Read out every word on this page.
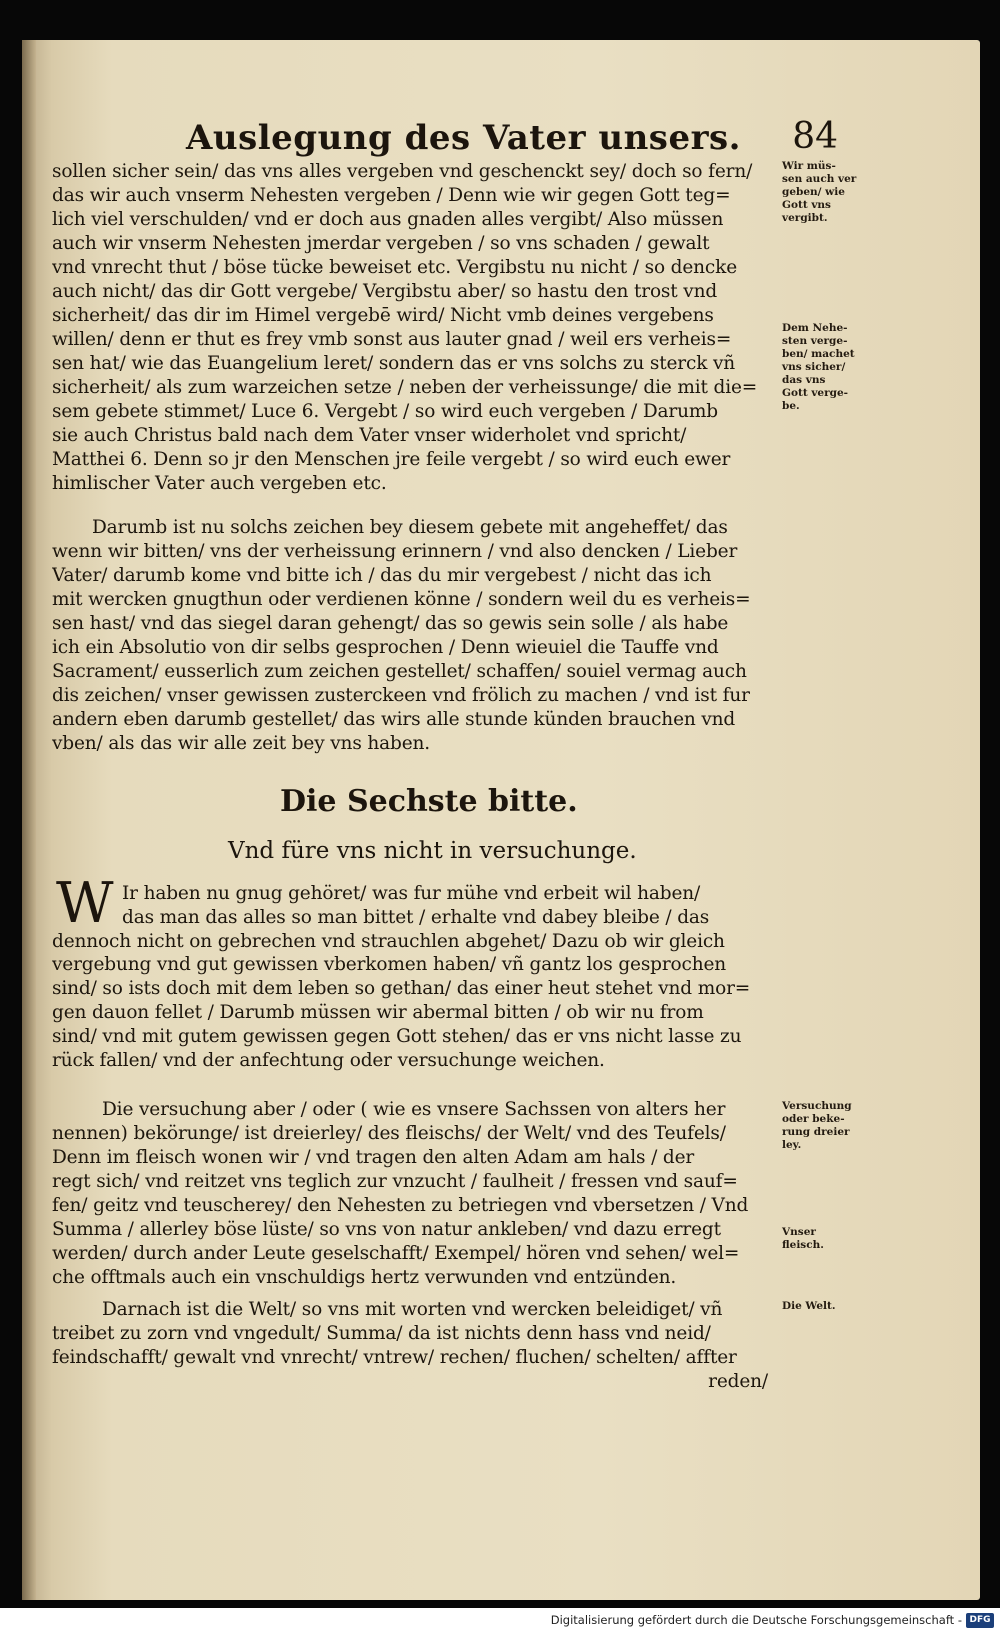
Auslegung des Vater unsers. 84
sollen sicher sein/ das vns alles vergeben vnd geschenckt sey/ doch so fern/
das wir auch vnserm Nehesten vergeben / Denn wie wir gegen Gott teg=
lich viel verschulden/ vnd er doch aus gnaden alles vergibt/ Also müssen
auch wir vnserm Nehesten jmerdar vergeben / so vns schaden / gewalt
vnd vnrecht thut / böse tücke beweiset etc. Vergibstu nu nicht / so dencke
auch nicht/ das dir Gott vergebe/ Vergibstu aber/ so hastu den trost vnd
sicherheit/ das dir im Himel vergebē wird/ Nicht vmb deines vergebens
willen/ denn er thut es frey vmb sonst aus lauter gnad / weil ers verheis=
sen hat/ wie das Euangelium leret/ sondern das er vns solchs zu sterck vñ
sicherheit/ als zum warzeichen setze / neben der verheissunge/ die mit die=
sem gebete stimmet/ Luce 6. Vergebt / so wird euch vergeben / Darumb
sie auch Christus bald nach dem Vater vnser widerholet vnd spricht/
Matthei 6. Denn so jr den Menschen jre feile vergebt / so wird euch ewer
himlischer Vater auch vergeben etc.
Darumb ist nu solchs zeichen bey diesem gebete mit angeheffet/ das
wenn wir bitten/ vns der verheissung erinnern / vnd also dencken / Lieber
Vater/ darumb kome vnd bitte ich / das du mir vergebest / nicht das ich
mit wercken gnugthun oder verdienen könne / sondern weil du es verheis=
sen hast/ vnd das siegel daran gehengt/ das so gewis sein solle / als habe
ich ein Absolutio von dir selbs gesprochen / Denn wieuiel die Tauffe vnd
Sacrament/ eusserlich zum zeichen gestellet/ schaffen/ souiel vermag auch
dis zeichen/ vnser gewissen zusterckeen vnd frölich zu machen / vnd ist fur
andern eben darumb gestellet/ das wirs alle stunde künden brauchen vnd
vben/ als das wir alle zeit bey vns haben.
Die Sechste bitte.
Vnd füre vns nicht in versuchunge.
W Ir haben nu gnug gehöret/ was fur mühe vnd erbeit wil haben/
das man das alles so man bittet / erhalte vnd dabey bleibe / das
dennoch nicht on gebrechen vnd strauchlen abgehet/ Dazu ob wir gleich
vergebung vnd gut gewissen vberkomen haben/ vñ gantz los gesprochen
sind/ so ists doch mit dem leben so gethan/ das einer heut stehet vnd mor=
gen dauon fellet / Darumb müssen wir abermal bitten / ob wir nu from
sind/ vnd mit gutem gewissen gegen Gott stehen/ das er vns nicht lasse zu
rück fallen/ vnd der anfechtung oder versuchunge weichen.
Die versuchung aber / oder ( wie es vnsere Sachssen von alters her
nennen) bekörunge/ ist dreierley/ des fleischs/ der Welt/ vnd des Teufels/
Denn im fleisch wonen wir / vnd tragen den alten Adam am hals / der
regt sich/ vnd reitzet vns teglich zur vnzucht / faulheit / fressen vnd sauf=
fen/ geitz vnd teuscherey/ den Nehesten zu betriegen vnd vbersetzen / Vnd
Summa / allerley böse lüste/ so vns von natur ankleben/ vnd dazu erregt
werden/ durch ander Leute geselschafft/ Exempel/ hören vnd sehen/ wel=
che offtmals auch ein vnschuldigs hertz verwunden vnd entzünden.
Darnach ist die Welt/ so vns mit worten vnd wercken beleidiget/ vñ
treibet zu zorn vnd vngedult/ Summa/ da ist nichts denn hass vnd neid/
feindschafft/ gewalt vnd vnrecht/ vntrew/ rechen/ fluchen/ schelten/ affter
reden/
Wir müs-
sen auch ver
geben/ wie
Gott vns
vergibt.
Dem Nehe-
sten verge-
ben/ machet
vns sicher/
das vns
Gott verge-
be.
Versuchung
oder beke-
rung dreier
ley.
Vnser
fleisch.
Die Welt.
Digitalisierung gefördert durch die Deutsche Forschungsgemeinschaft - DFG
